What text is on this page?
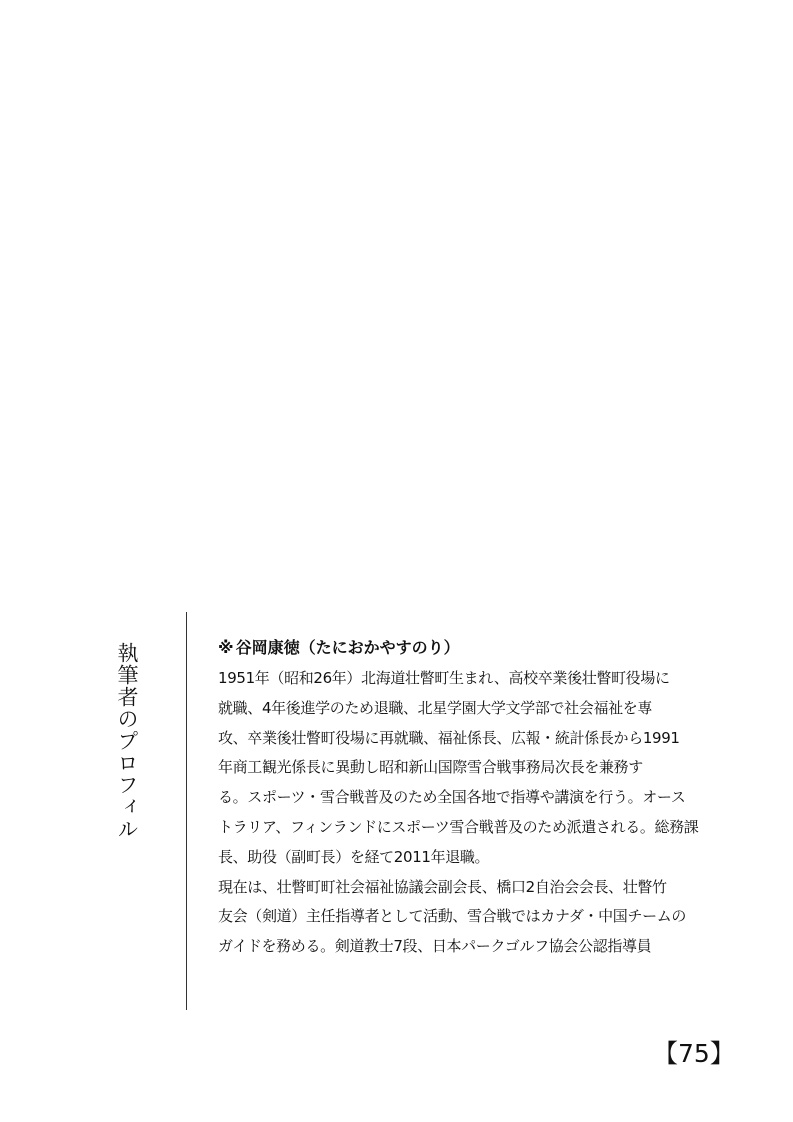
執筆者のプロフィル	※ 谷岡康徳（たにおかやすのり）
1951年（昭和26年）北海道壮瞥町生まれ、高校卒業後壮瞥町役場に
就職、4年後進学のため退職、北星学園大学文学部で社会福祉を専
攻、卒業後壮瞥町役場に再就職、福祉係長、広報・統計係長から1991
年商工観光係長に異動し昭和新山国際雪合戦事務局次長を兼務す
る。スポーツ・雪合戦普及のため全国各地で指導や講演を行う。オース
トラリア、フィンランドにスポーツ雪合戦普及のため派遣される。総務課
長、助役（副町長）を経て2011年退職。
現在は、壮瞥町町社会福祉協議会副会長、橋口2自治会会長、壮瞥竹
友会（剣道）主任指導者として活動、雪合戦ではカナダ・中国チームの
ガイドを務める。剣道教士7段、日本パークゴルフ協会公認指導員
【75】
